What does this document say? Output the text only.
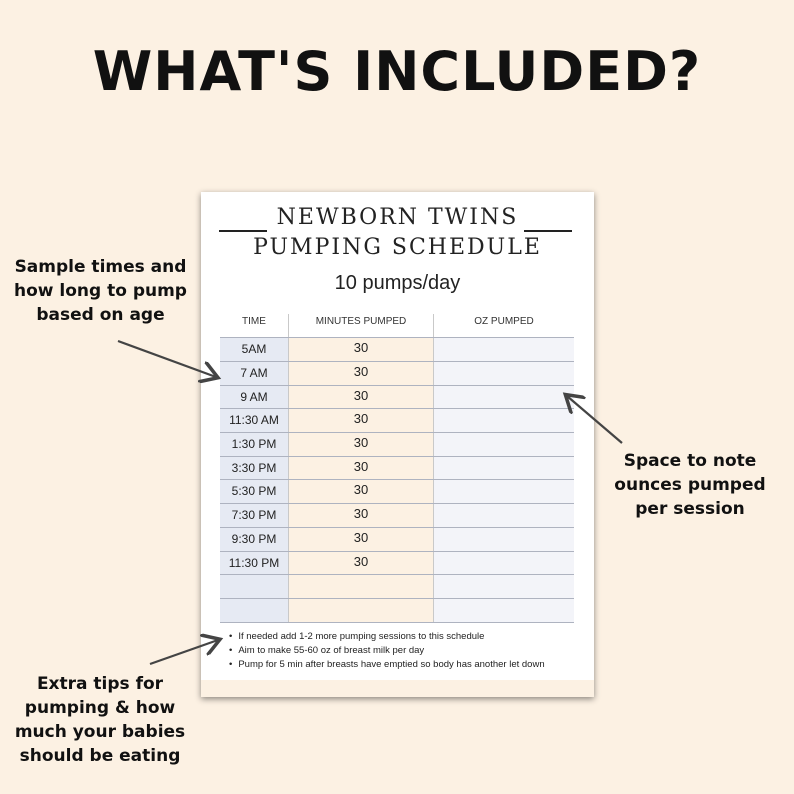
WHAT'S INCLUDED?
Sample times and
how long to pump
based on age
Space to note
ounces pumped
per session
Extra tips for
pumping & how
much your babies
should be eating
NEWBORN TWINS
PUMPING SCHEDULE
10 pumps/day
TIME	MINUTES PUMPED	OZ PUMPED
5AM	30
7 AM	30
9 AM	30
11:30 AM	30
1:30 PM	30
3:30 PM	30
5:30 PM	30
7:30 PM	30
9:30 PM	30
11:30 PM	30
• If needed add 1-2 more pumping sessions to this schedule
• Aim to make 55-60 oz of breast milk per day
• Pump for 5 min after breasts have emptied so body has another let down
